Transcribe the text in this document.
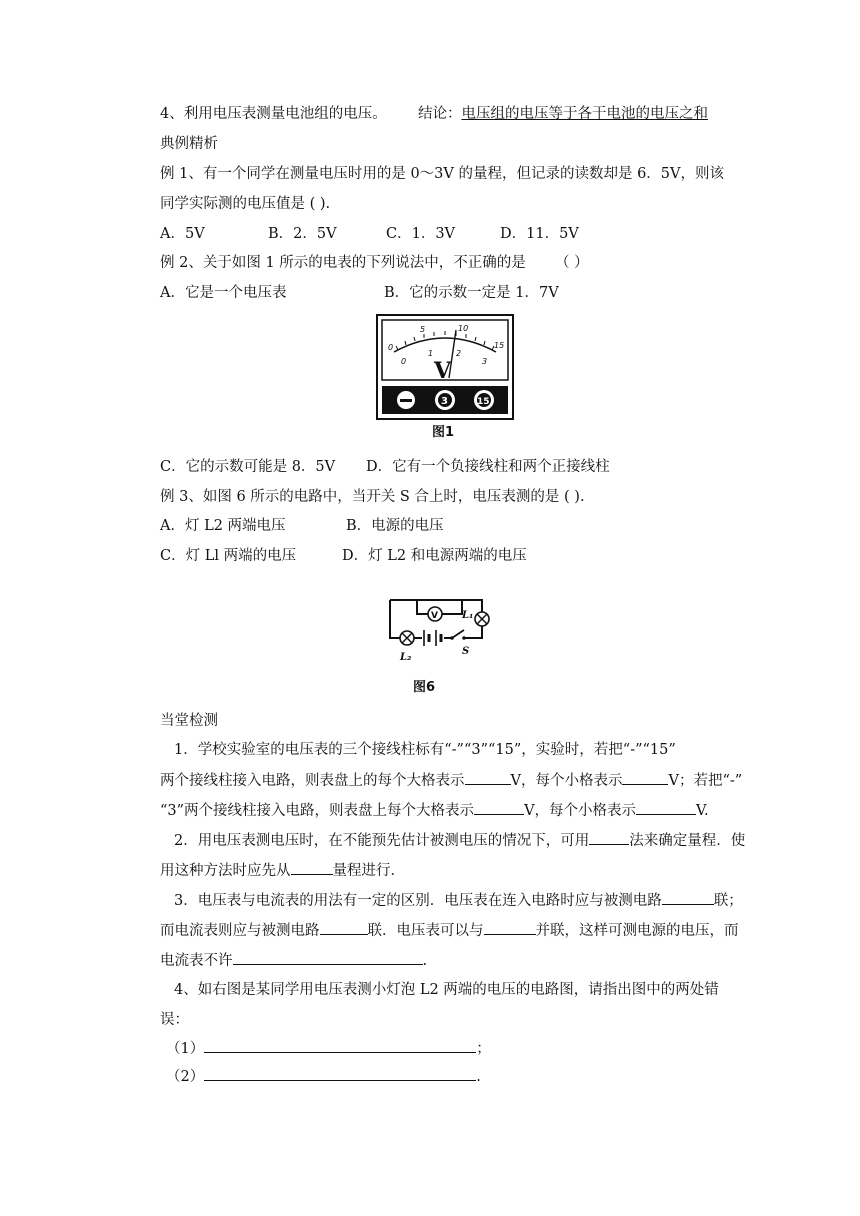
4、利用电压表测量电池组的电压。 结论：电压组的电压等于各干电池的电压之和
典例精析
例 1、有一个同学在测量电压时用的是 0～3V 的量程，但记录的读数却是 6．5V，则该
同学实际测的电压值是 ( ).
A．5V	B．2．5V	C．1．3V	D．11．5V
例 2、关于如图 1 所示的电表的下列说法中，不正确的是 （ ）
A．它是一个电压表	B．它的示数一定是 1．7V
0
5	10
15
0
1	2
3
V
3	15
图1
C．它的示数可能是 8．5V D．它有一个负接线柱和两个正接线柱
例 3、如图 6 所示的电路中，当开关 S 合上时，电压表测的是 ( ).
A．灯 L2 两端电压	B．电源的电压
C．灯 Ll 两端的电压	D．灯 L2 和电源两端的电压
V L₁
L₂
S
图6
当堂检测
1．学校实验室的电压表的三个接线柱标有“-”“3”“15”，实验时，若把“-”“15”
两个接线柱接入电路，则表盘上的每个大格表示	V，每个小格表示	V；若把“-”
“3”两个接线柱接入电路，则表盘上每个大格表示	V，每个小格表示	V.
2．用电压表测电压时，在不能预先估计被测电压的情况下，可用	法来确定量程．使
用这种方法时应先从	量程进行．
3．电压表与电流表的用法有一定的区别．电压表在连入电路时应与被测电路	联；
而电流表则应与被测电路	联．电压表可以与	并联，这样可测电源的电压，而
电流表不许	.
4、如右图是某同学用电压表测小灯泡 L2 两端的电压的电路图，请指出图中的两处错
误：
（1）	；
（2）	.
